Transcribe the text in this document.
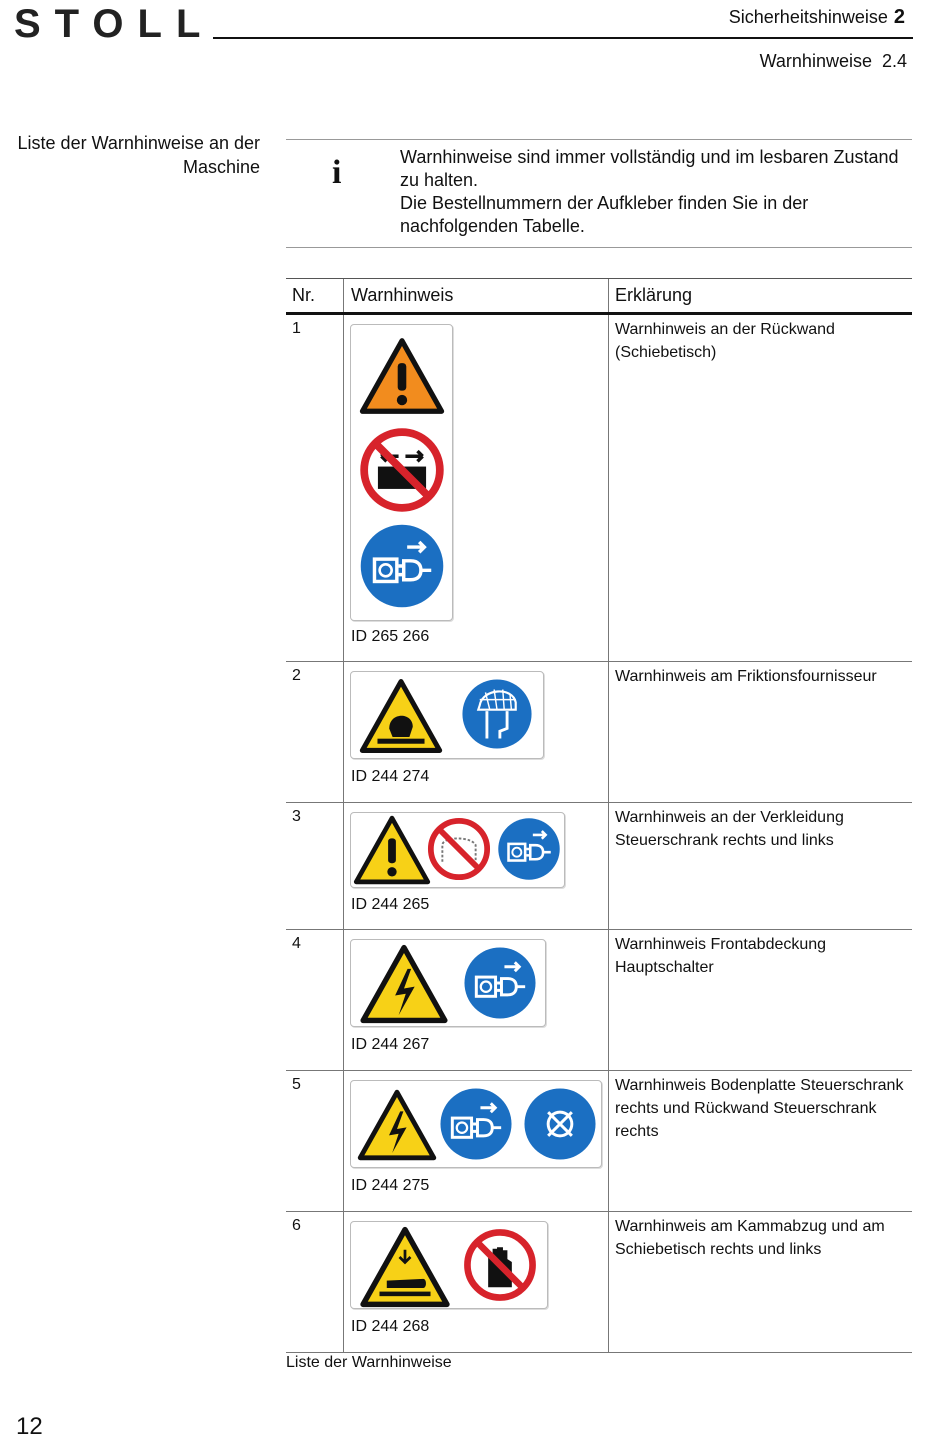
STOLL	Sicherheitshinweise 2
Warnhinweise  2.4
Liste der Warnhinweise an der Maschine i	Warnhinweise sind immer vollständig und im lesbaren Zustand zu halten.
Die Bestellnummern der Aufkleber finden Sie in der nachfolgenden Tabelle.
Nr. Warnhinweis	Erklärung
1
ID 265 266
Warnhinweis an der Rückwand (Schiebetisch)
2
ID 244 274
Warnhinweis am Friktionsfournisseur
3
ID 244 265
Warnhinweis an der Verkleidung Steuerschrank rechts und links
4
ID 244 267
Warnhinweis Frontabdeckung Hauptschalter
5
ID 244 275
Warnhinweis Bodenplatte Steuerschrank rechts und Rückwand Steuerschrank rechts
6
ID 244 268
Warnhinweis am Kammabzug und am Schiebetisch rechts und links
Liste der Warnhinweise
12
